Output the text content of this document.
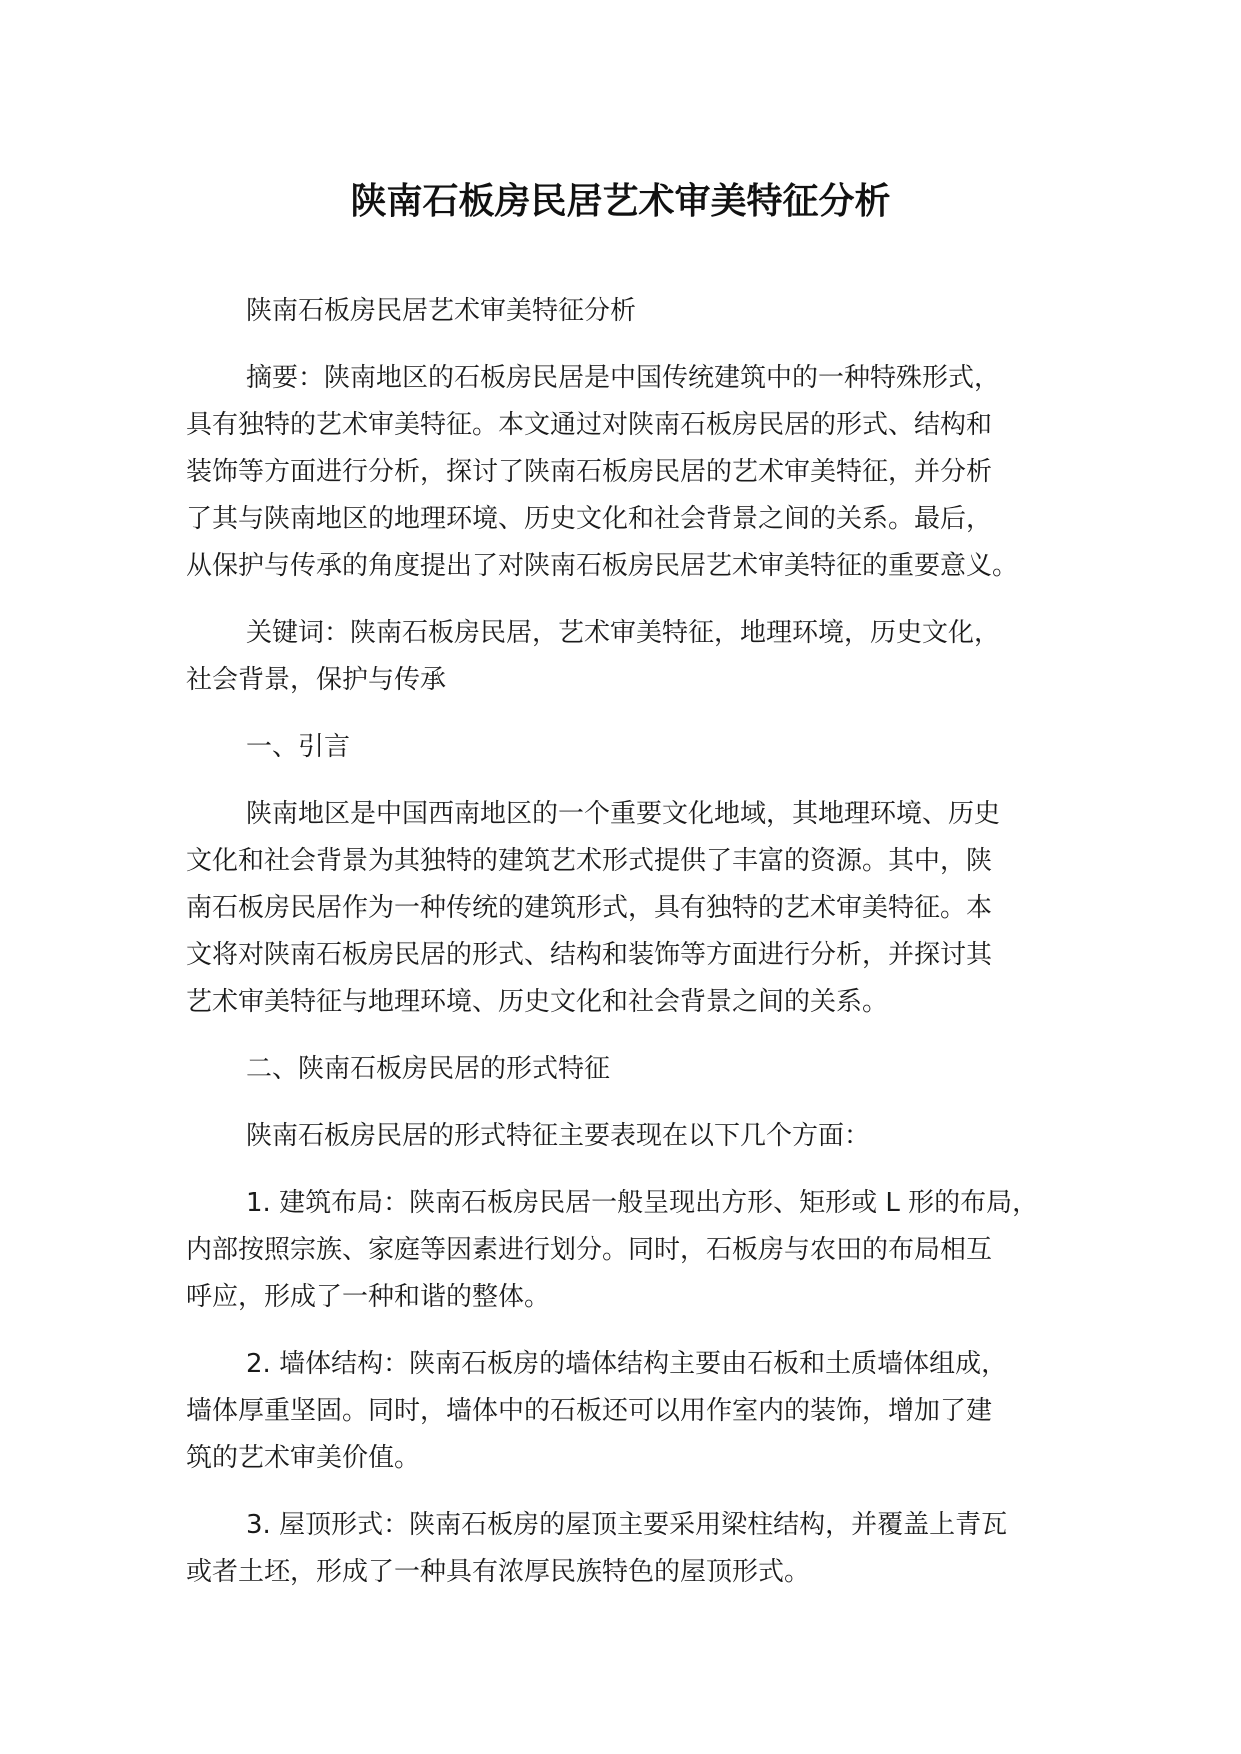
陕南石板房民居艺术审美特征分析

陕南石板房民居艺术审美特征分析

摘要：陕南地区的石板房民居是中国传统建筑中的一种特殊形式，
具有独特的艺术审美特征。本文通过对陕南石板房民居的形式、结构和
装饰等方面进行分析，探讨了陕南石板房民居的艺术审美特征，并分析
了其与陕南地区的地理环境、历史文化和社会背景之间的关系。最后，
从保护与传承的角度提出了对陕南石板房民居艺术审美特征的重要意义。

关键词：陕南石板房民居，艺术审美特征，地理环境，历史文化，
社会背景，保护与传承

一、引言

陕南地区是中国西南地区的一个重要文化地域，其地理环境、历史
文化和社会背景为其独特的建筑艺术形式提供了丰富的资源。其中，陕
南石板房民居作为一种传统的建筑形式，具有独特的艺术审美特征。本
文将对陕南石板房民居的形式、结构和装饰等方面进行分析，并探讨其
艺术审美特征与地理环境、历史文化和社会背景之间的关系。

二、陕南石板房民居的形式特征

陕南石板房民居的形式特征主要表现在以下几个方面：

1. 建筑布局：陕南石板房民居一般呈现出方形、矩形或 L 形的布局，
内部按照宗族、家庭等因素进行划分。同时，石板房与农田的布局相互
呼应，形成了一种和谐的整体。

2. 墙体结构：陕南石板房的墙体结构主要由石板和土质墙体组成，
墙体厚重坚固。同时，墙体中的石板还可以用作室内的装饰，增加了建
筑的艺术审美价值。

3. 屋顶形式：陕南石板房的屋顶主要采用梁柱结构，并覆盖上青瓦
或者土坯，形成了一种具有浓厚民族特色的屋顶形式。
